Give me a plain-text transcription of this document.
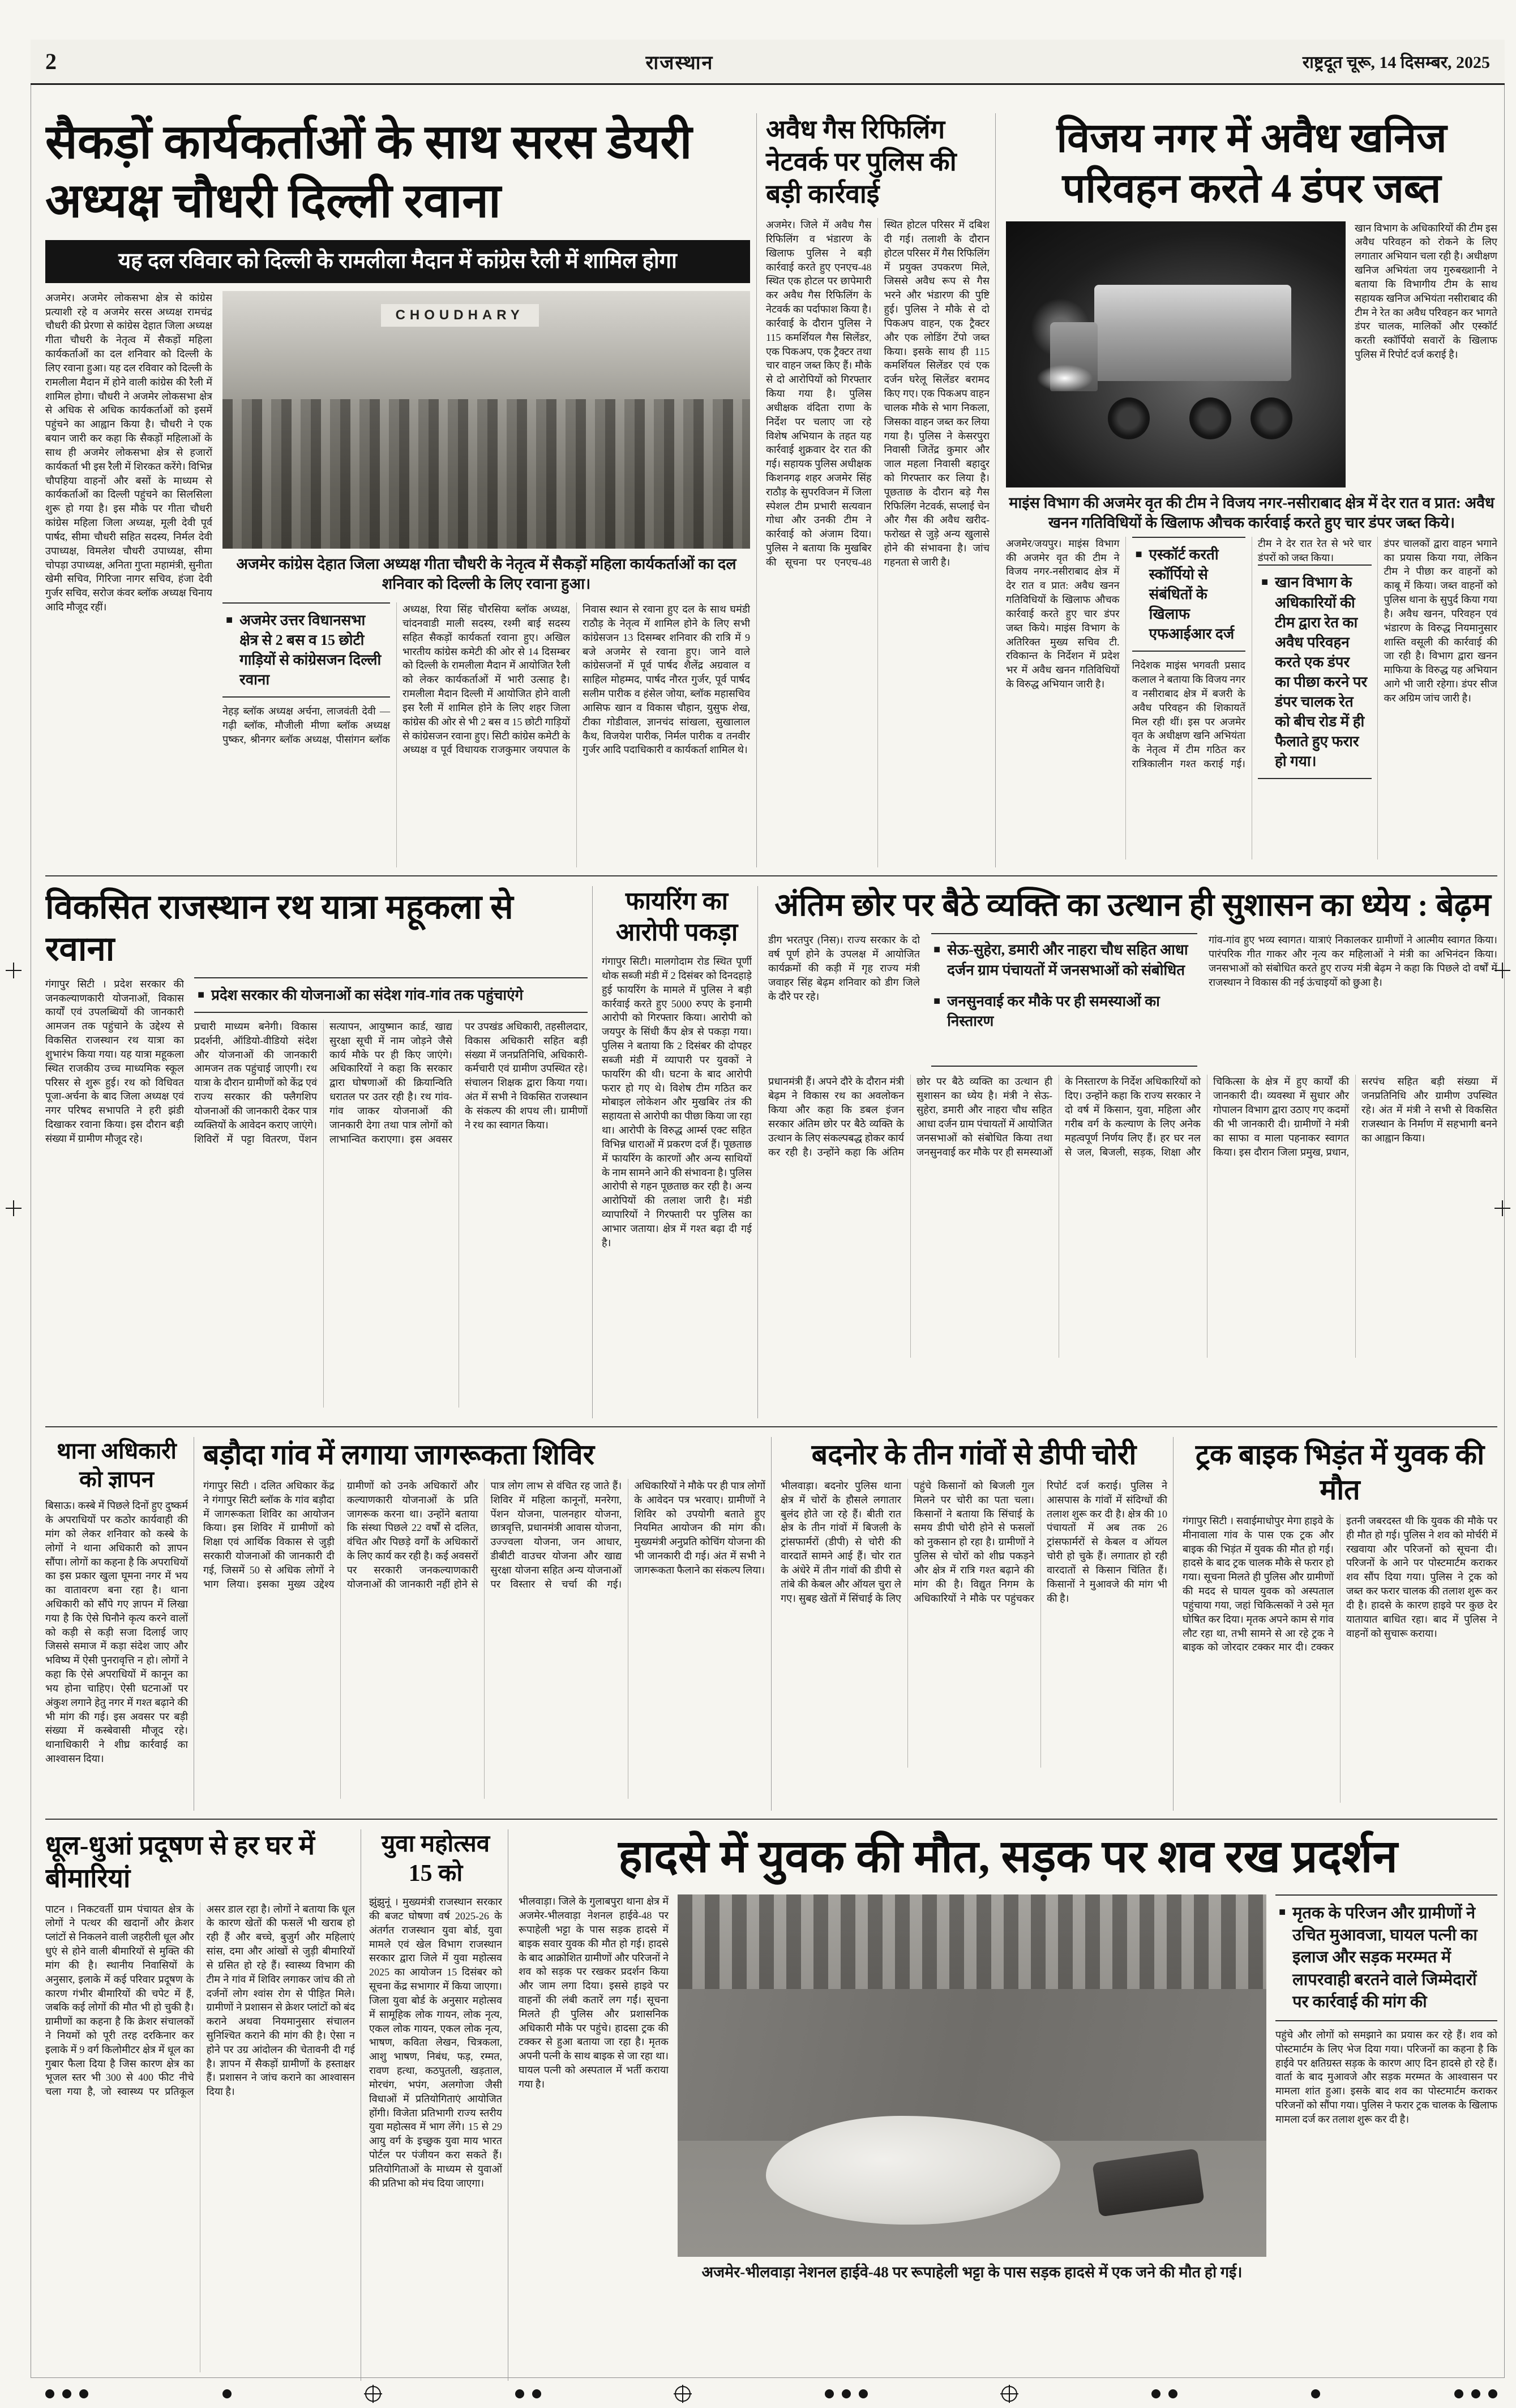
2	राजस्थान	राष्ट्रदूत चूरू, 14 दिसम्बर, 2025
सैकड़ों कार्यकर्ताओं के साथ सरस डेयरी अध्यक्ष चौधरी दिल्ली रवाना
यह दल रविवार को दिल्ली के रामलीला मैदान में कांग्रेस रैली में शामिल होगा

अजमेर। अजमेर लोकसभा क्षेत्र से कांग्रेस प्रत्याशी रहे व अजमेर सरस अध्यक्ष रामचंद्र चौधरी की प्रेरणा से कांग्रेस देहात जिला अध्यक्ष गीता चौधरी के नेतृत्व में सैकड़ों महिला कार्यकर्ताओं का दल शनिवार को दिल्ली के लिए रवाना हुआ। यह दल रविवार को दिल्ली के रामलीला मैदान में होने वाली कांग्रेस की रैली में शामिल होगा। चौधरी ने अजमेर लोकसभा क्षेत्र से अधिक से अधिक कार्यकर्ताओं को इसमें पहुंचने का आह्वान किया है। चौधरी ने एक बयान जारी कर कहा कि सैकड़ों महिलाओं के साथ ही अजमेर लोकसभा क्षेत्र से हजारों कार्यकर्ता भी इस रैली में शिरकत करेंगे। विभिन्न चौपहिया वाहनों और बसों के माध्यम से कार्यकर्ताओं का दिल्ली पहुंचने का सिलसिला शुरू हो गया है। इस मौके पर गीता चौधरी कांग्रेस महिला जिला अध्यक्ष, मूली देवी पूर्व पार्षद, सीमा चौधरी सहित सदस्य, निर्मल देवी उपाध्यक्ष, विमलेश चौधरी उपाध्यक्ष, सीमा चोपड़ा उपाध्यक्ष, अनिता गुप्ता महामंत्री, सुनीता खेमी सचिव, गिरिजा नागर सचिव, हंजा देवी गुर्जर सचिव, सरोज कंवर ब्लॉक अध्यक्ष चिनाय आदि मौजूद रहीं।

CHOUDHARY

अजमेर कांग्रेस देहात जिला अध्यक्ष गीता चौधरी के नेतृत्व में सैकड़ों महिला कार्यकर्ताओं का दल शनिवार को दिल्ली के लिए रवाना हुआ।

■ अजमेर उत्तर विधानसभा क्षेत्र से 2 बस व 15 छोटी गाड़ियों से कांग्रेसजन दिल्ली रवाना

नेहड़ ब्लॉक अध्यक्ष अर्चना, लाजवंती देवी — गढ़ी ब्लॉक, मौजीली मीणा ब्लॉक अध्यक्ष पुष्कर, श्रीनगर ब्लॉक अध्यक्ष, पीसांगन ब्लॉक अध्यक्ष, रिया सिंह चौरसिया ब्लॉक अध्यक्ष, चांदनवाडी माली सदस्य, रश्मी बाई सदस्य सहित सैकड़ों कार्यकर्ता रवाना हुए। अखिल भारतीय कांग्रेस कमेटी की ओर से 14 दिसम्बर को दिल्ली के रामलीला मैदान में आयोजित रैली को लेकर कार्यकर्ताओं में भारी उत्साह है। रामलीला मैदान दिल्ली में आयोजित होने वाली इस रैली में शामिल होने के लिए शहर जिला कांग्रेस की ओर से भी 2 बस व 15 छोटी गाड़ियों से कांग्रेसजन रवाना हुए। सिटी कांग्रेस कमेटी के अध्यक्ष व पूर्व विधायक राजकुमार जयपाल के निवास स्थान से रवाना हुए दल के साथ घमंडी राठौड़ के नेतृत्व में शामिल होने के लिए सभी कांग्रेसजन 13 दिसम्बर शनिवार की रात्रि में 9 बजे अजमेर से रवाना हुए। जाने वाले कांग्रेसजनों में पूर्व पार्षद शैलेंद्र अग्रवाल व साहिल मोहम्मद, पार्षद नौरत गुर्जर, पूर्व पार्षद सलीम पारीक व हंसेल जोया, ब्लॉक महासचिव आसिफ खान व विकास चौहान, युसुफ शेख, टीका गोडीवाल, ज्ञानचंद सांखला, सुखालाल कैथ, विजयेश पारीक, निर्मल पारीक व तनवीर गुर्जर आदि पदाधिकारी व कार्यकर्ता शामिल थे।

अवैध गैस रिफिलिंग नेटवर्क पर पुलिस की बड़ी कार्रवाई

अजमेर। जिले में अवैध गैस रिफिलिंग व भंडारण के खिलाफ पुलिस ने बड़ी कार्रवाई करते हुए एनएच-48 स्थित एक होटल पर छापेमारी कर अवैध गैस रिफिलिंग के नेटवर्क का पर्दाफाश किया है। कार्रवाई के दौरान पुलिस ने 115 कमर्शियल गैस सिलेंडर, एक पिकअप, एक ट्रैक्टर तथा चार वाहन जब्त किए हैं। मौके से दो आरोपियों को गिरफ्तार किया गया है। पुलिस अधीक्षक वंदिता राणा के निर्देश पर चलाए जा रहे विशेष अभियान के तहत यह कार्रवाई शुक्रवार देर रात की गई। सहायक पुलिस अधीक्षक किशनगढ़ शहर अजमेर सिंह राठौड़ के सुपरविजन में जिला स्पेशल टीम प्रभारी सत्यवान गोधा और उनकी टीम ने कार्रवाई को अंजाम दिया। पुलिस ने बताया कि मुखबिर की सूचना पर एनएच-48 स्थित होटल परिसर में दबिश दी गई। तलाशी के दौरान होटल परिसर में गैस रिफिलिंग में प्रयुक्त उपकरण मिले, जिससे अवैध रूप से गैस भरने और भंडारण की पुष्टि हुई। पुलिस ने मौके से दो पिकअप वाहन, एक ट्रैक्टर और एक लोडिंग टेंपो जब्त किया। इसके साथ ही 115 कमर्शियल सिलेंडर एवं एक दर्जन घरेलू सिलेंडर बरामद किए गए। एक पिकअप वाहन चालक मौके से भाग निकला, जिसका वाहन जब्त कर लिया गया है। पुलिस ने केसरपुरा निवासी जितेंद्र कुमार और जाल महला निवासी बहादुर को गिरफ्तार कर लिया है। पूछताछ के दौरान बड़े गैस रिफिलिंग नेटवर्क, सप्लाई चेन और गैस की अवैध खरीद-फरोख्त से जुड़े अन्य खुलासे होने की संभावना है। जांच गहनता से जारी है।

विजय नगर में अवैध खनिज परिवहन करते 4 डंपर जब्त

खान विभाग के अधिकारियों की टीम इस अवैध परिवहन को रोकने के लिए लगातार अभियान चला रही है। अधीक्षण खनिज अभियंता जय गुरुबख्शानी ने बताया कि विभागीय टीम के साथ सहायक खनिज अभियंता नसीराबाद की टीम ने रेत का अवैध परिवहन कर भागते डंपर चालक, मालिकों और एस्कॉर्ट करती स्कॉर्पियो सवारों के खिलाफ पुलिस में रिपोर्ट दर्ज कराई है।

माइंस विभाग की अजमेर वृत की टीम ने विजय नगर-नसीराबाद क्षेत्र में देर रात व प्रात: अवैध खनन गतिविधियों के खिलाफ औचक कार्रवाई करते हुए चार डंपर जब्त किये।

अजमेर/जयपुर। माइंस विभाग की अजमेर वृत की टीम ने विजय नगर-नसीराबाद क्षेत्र में देर रात व प्रात: अवैध खनन गतिविधियों के खिलाफ औचक कार्रवाई करते हुए चार डंपर जब्त किये। माइंस विभाग के अतिरिक्त मुख्य सचिव टी. रविकान्त के निर्देशन में प्रदेश भर में अवैध खनन गतिविधियों के विरुद्ध अभियान जारी है।

■ एस्कॉर्ट करती स्कॉर्पियो से संबंधितों के खिलाफ एफआईआर दर्ज

निदेशक माइंस भगवती प्रसाद कलाल ने बताया कि विजय नगर व नसीराबाद क्षेत्र में बजरी के अवैध परिवहन की शिकायतें मिल रही थीं। इस पर अजमेर वृत के अधीक्षण खनि अभियंता के नेतृत्व में टीम गठित कर रात्रिकालीन गश्त कराई गई। टीम ने देर रात रेत से भरे चार डंपरों को जब्त किया।

■ खान विभाग के अधिकारियों की टीम द्वारा रेत का अवैध परिवहन करते एक डंपर का पीछा करने पर डंपर चालक रेत को बीच रोड में ही फैलाते हुए फरार हो गया।

डंपर चालकों द्वारा वाहन भगाने का प्रयास किया गया, लेकिन टीम ने पीछा कर वाहनों को काबू में किया। जब्त वाहनों को पुलिस थाना के सुपुर्द किया गया है। अवैध खनन, परिवहन एवं भंडारण के विरुद्ध नियमानुसार शास्ति वसूली की कार्रवाई की जा रही है। विभाग द्वारा खनन माफिया के विरुद्ध यह अभियान आगे भी जारी रहेगा। डंपर सीज कर अग्रिम जांच जारी है।

विकसित राजस्थान रथ यात्रा महूकला से रवाना

गंगापुर सिटी । प्रदेश सरकार की जनकल्याणकारी योजनाओं, विकास कार्यों एवं उपलब्धियों की जानकारी आमजन तक पहुंचाने के उद्देश्य से विकसित राजस्थान रथ यात्रा का शुभारंभ किया गया। यह यात्रा महूकला स्थित राजकीय उच्च माध्यमिक स्कूल परिसर से शुरू हुई। रथ को विधिवत पूजा-अर्चना के बाद जिला अध्यक्ष एवं नगर परिषद सभापति ने हरी झंडी दिखाकर रवाना किया। इस दौरान बड़ी संख्या में ग्रामीण मौजूद रहे।

■ प्रदेश सरकार की योजनाओं का संदेश गांव-गांव तक पहुंचाएंगे

प्रचारी माध्यम बनेगी। विकास प्रदर्शनी, ऑडियो-वीडियो संदेश और योजनाओं की जानकारी आमजन तक पहुंचाई जाएगी। रथ यात्रा के दौरान ग्रामीणों को केंद्र एवं राज्य सरकार की फ्लैगशिप योजनाओं की जानकारी देकर पात्र व्यक्तियों के आवेदन कराए जाएंगे। शिविरों में पट्टा वितरण, पेंशन सत्यापन, आयुष्मान कार्ड, खाद्य सुरक्षा सूची में नाम जोड़ने जैसे कार्य मौके पर ही किए जाएंगे। अधिकारियों ने कहा कि सरकार द्वारा घोषणाओं की क्रियान्विति धरातल पर उतर रही है। रथ गांव-गांव जाकर योजनाओं की जानकारी देगा तथा पात्र लोगों को लाभान्वित कराएगा। इस अवसर पर उपखंड अधिकारी, तहसीलदार, विकास अधिकारी सहित बड़ी संख्या में जनप्रतिनिधि, अधिकारी-कर्मचारी एवं ग्रामीण उपस्थित रहे। संचालन शिक्षक द्वारा किया गया। अंत में सभी ने विकसित राजस्थान के संकल्प की शपथ ली। ग्रामीणों ने रथ का स्वागत किया।

फायरिंग का आरोपी पकड़ा

गंगापुर सिटी। मालगोदाम रोड स्थित पूर्णी थोक सब्जी मंडी में 2 दिसंबर को दिनदहाड़े हुई फायरिंग के मामले में पुलिस ने बड़ी कार्रवाई करते हुए 5000 रुपए के इनामी आरोपी को गिरफ्तार किया। आरोपी को जयपुर के सिंधी कैंप क्षेत्र से पकड़ा गया। पुलिस ने बताया कि 2 दिसंबर की दोपहर सब्जी मंडी में व्यापारी पर युवकों ने फायरिंग की थी। घटना के बाद आरोपी फरार हो गए थे। विशेष टीम गठित कर मोबाइल लोकेशन और मुखबिर तंत्र की सहायता से आरोपी का पीछा किया जा रहा था। आरोपी के विरुद्ध आर्म्स एक्ट सहित विभिन्न धाराओं में प्रकरण दर्ज हैं। पूछताछ में फायरिंग के कारणों और अन्य साथियों के नाम सामने आने की संभावना है। पुलिस आरोपी से गहन पूछताछ कर रही है। अन्य आरोपियों की तलाश जारी है। मंडी व्यापारियों ने गिरफ्तारी पर पुलिस का आभार जताया। क्षेत्र में गश्त बढ़ा दी गई है।

अंतिम छोर पर बैठे व्यक्ति का उत्थान ही सुशासन का ध्येय : बेढ़म

डीग भरतपुर (निस)। राज्य सरकार के दो वर्ष पूर्ण होने के उपलक्ष में आयोजित कार्यक्रमों की कड़ी में गृह राज्य मंत्री जवाहर सिंह बेढ़म शनिवार को डीग जिले के दौरे पर रहे।

■ सेऊ-सुहेरा, डमारी और नाहरा चौध सहित आधा दर्जन ग्राम पंचायतों में जनसभाओं को संबोधित
■ जनसुनवाई कर मौके पर ही समस्याओं का निस्तारण

गांव-गांव हुए भव्य स्वागत। यात्राएं निकालकर ग्रामीणों ने आत्मीय स्वागत किया। पारंपरिक गीत गाकर और नृत्य कर महिलाओं ने मंत्री का अभिनंदन किया। जनसभाओं को संबोधित करते हुए राज्य मंत्री बेढ़म ने कहा कि पिछले दो वर्षों में राजस्थान ने विकास की नई ऊंचाइयों को छुआ है।

प्रधानमंत्री हैं। अपने दौरे के दौरान मंत्री बेढ़म ने विकास रथ का अवलोकन किया और कहा कि डबल इंजन सरकार अंतिम छोर पर बैठे व्यक्ति के उत्थान के लिए संकल्पबद्ध होकर कार्य कर रही है। उन्होंने कहा कि अंतिम छोर पर बैठे व्यक्ति का उत्थान ही सुशासन का ध्येय है। मंत्री ने सेऊ-सुहेरा, डमारी और नाहरा चौध सहित आधा दर्जन ग्राम पंचायतों में आयोजित जनसभाओं को संबोधित किया तथा जनसुनवाई कर मौके पर ही समस्याओं के निस्तारण के निर्देश अधिकारियों को दिए। उन्होंने कहा कि राज्य सरकार ने दो वर्ष में किसान, युवा, महिला और गरीब वर्ग के कल्याण के लिए अनेक महत्वपूर्ण निर्णय लिए हैं। हर घर नल से जल, बिजली, सड़क, शिक्षा और चिकित्सा के क्षेत्र में हुए कार्यों की जानकारी दी। व्यवस्था में सुधार और गोपालन विभाग द्वारा उठाए गए कदमों की भी जानकारी दी। ग्रामीणों ने मंत्री का साफा व माला पहनाकर स्वागत किया। इस दौरान जिला प्रमुख, प्रधान, सरपंच सहित बड़ी संख्या में जनप्रतिनिधि और ग्रामीण उपस्थित रहे। अंत में मंत्री ने सभी से विकसित राजस्थान के निर्माण में सहभागी बनने का आह्वान किया।

थाना अधिकारी को ज्ञापन

बिसाऊ। कस्बे में पिछले दिनों हुए दुष्कर्म के अपराधियों पर कठोर कार्यवाही की मांग को लेकर शनिवार को कस्बे के लोगों ने थाना अधिकारी को ज्ञापन सौंपा। लोगों का कहना है कि अपराधियों का इस प्रकार खुला घूमना नगर में भय का वातावरण बना रहा है। थाना अधिकारी को सौंपे गए ज्ञापन में लिखा गया है कि ऐसे घिनौने कृत्य करने वालों को कड़ी से कड़ी सजा दिलाई जाए जिससे समाज में कड़ा संदेश जाए और भविष्य में ऐसी पुनरावृत्ति न हो। लोगों ने कहा कि ऐसे अपराधियों में कानून का भय होना चाहिए। ऐसी घटनाओं पर अंकुश लगाने हेतु नगर में गश्त बढ़ाने की भी मांग की गई। इस अवसर पर बड़ी संख्या में कस्बेवासी मौजूद रहे। थानाधिकारी ने शीघ्र कार्रवाई का आश्वासन दिया।

बड़ौदा गांव में लगाया जागरूकता शिविर

गंगापुर सिटी । दलित अधिकार केंद्र ने गंगापुर सिटी ब्लॉक के गांव बड़ौदा में जागरूकता शिविर का आयोजन किया। इस शिविर में ग्रामीणों को शिक्षा एवं आर्थिक विकास से जुड़ी सरकारी योजनाओं की जानकारी दी गई, जिसमें 50 से अधिक लोगों ने भाग लिया। इसका मुख्य उद्देश्य ग्रामीणों को उनके अधिकारों और कल्याणकारी योजनाओं के प्रति जागरूक करना था। उन्होंने बताया कि संस्था पिछले 22 वर्षों से दलित, वंचित और पिछड़े वर्गों के अधिकारों के लिए कार्य कर रही है। कई अवसरों पर सरकारी जनकल्याणकारी योजनाओं की जानकारी नहीं होने से पात्र लोग लाभ से वंचित रह जाते हैं। शिविर में महिला कानूनों, मनरेगा, पेंशन योजना, पालनहार योजना, छात्रवृत्ति, प्रधानमंत्री आवास योजना, उज्ज्वला योजना, जन आधार, डीबीटी वाउचर योजना और खाद्य सुरक्षा योजना सहित अन्य योजनाओं पर विस्तार से चर्चा की गई। अधिकारियों ने मौके पर ही पात्र लोगों के आवेदन पत्र भरवाए। ग्रामीणों ने शिविर को उपयोगी बताते हुए नियमित आयोजन की मांग की। मुख्यमंत्री अनुप्रति कोचिंग योजना की भी जानकारी दी गई। अंत में सभी ने जागरूकता फैलाने का संकल्प लिया।

बदनोर के तीन गांवों से डीपी चोरी

भीलवाड़ा। बदनोर पुलिस थाना क्षेत्र में चोरों के हौसले लगातार बुलंद होते जा रहे हैं। बीती रात क्षेत्र के तीन गांवों में बिजली के ट्रांसफार्मरों (डीपी) से चोरी की वारदातें सामने आई हैं। चोर रात के अंधेरे में तीन गांवों की डीपी से तांबे की केबल और ऑयल चुरा ले गए। सुबह खेतों में सिंचाई के लिए पहुंचे किसानों को बिजली गुल मिलने पर चोरी का पता चला। किसानों ने बताया कि सिंचाई के समय डीपी चोरी होने से फसलों को नुकसान हो रहा है। ग्रामीणों ने पुलिस से चोरों को शीघ्र पकड़ने और क्षेत्र में रात्रि गश्त बढ़ाने की मांग की है। विद्युत निगम के अधिकारियों ने मौके पर पहुंचकर रिपोर्ट दर्ज कराई। पुलिस ने आसपास के गांवों में संदिग्धों की तलाश शुरू कर दी है। क्षेत्र की 10 पंचायतों में अब तक 26 ट्रांसफार्मरों से केबल व ऑयल चोरी हो चुके हैं। लगातार हो रही वारदातों से किसान चिंतित हैं। किसानों ने मुआवजे की मांग भी की है।

ट्रक बाइक भिड़ंत में युवक की मौत

गंगापुर सिटी । सवाईमाधोपुर मेगा हाइवे के मीनावाला गांव के पास एक ट्रक और बाइक की भिड़ंत में युवक की मौत हो गई। हादसे के बाद ट्रक चालक मौके से फरार हो गया। सूचना मिलते ही पुलिस और ग्रामीणों की मदद से घायल युवक को अस्पताल पहुंचाया गया, जहां चिकित्सकों ने उसे मृत घोषित कर दिया। मृतक अपने काम से गांव लौट रहा था, तभी सामने से आ रहे ट्रक ने बाइक को जोरदार टक्कर मार दी। टक्कर इतनी जबरदस्त थी कि युवक की मौके पर ही मौत हो गई। पुलिस ने शव को मोर्चरी में रखवाया और परिजनों को सूचना दी। परिजनों के आने पर पोस्टमार्टम कराकर शव सौंप दिया गया। पुलिस ने ट्रक को जब्त कर फरार चालक की तलाश शुरू कर दी है। हादसे के कारण हाइवे पर कुछ देर यातायात बाधित रहा। बाद में पुलिस ने वाहनों को सुचारू कराया।

धूल-धुआं प्रदूषण से हर घर में बीमारियां

पाटन । निकटवर्ती ग्राम पंचायत क्षेत्र के लोगों ने पत्थर की खदानों और क्रेशर प्लांटों से निकलने वाली जहरीली धूल और धुएं से होने वाली बीमारियों से मुक्ति की मांग की है। स्थानीय निवासियों के अनुसार, इलाके में कई परिवार प्रदूषण के कारण गंभीर बीमारियों की चपेट में हैं, जबकि कई लोगों की मौत भी हो चुकी है। ग्रामीणों का कहना है कि क्रेशर संचालकों ने नियमों को पूरी तरह दरकिनार कर इलाके में 9 वर्ग किलोमीटर क्षेत्र में धूल का गुबार फैला दिया है जिस कारण क्षेत्र का भूजल स्तर भी 300 से 400 फीट नीचे चला गया है, जो स्वास्थ्य पर प्रतिकूल असर डाल रहा है। लोगों ने बताया कि धूल के कारण खेतों की फसलें भी खराब हो रही हैं और बच्चे, बुजुर्ग और महिलाएं सांस, दमा और आंखों से जुड़ी बीमारियों से ग्रसित हो रहे हैं। स्वास्थ्य विभाग की टीम ने गांव में शिविर लगाकर जांच की तो दर्जनों लोग श्वांस रोग से पीड़ित मिले। ग्रामीणों ने प्रशासन से क्रेशर प्लांटों को बंद कराने अथवा नियमानुसार संचालन सुनिश्चित कराने की मांग की है। ऐसा न होने पर उग्र आंदोलन की चेतावनी दी गई है। ज्ञापन में सैकड़ों ग्रामीणों के हस्ताक्षर हैं। प्रशासन ने जांच कराने का आश्वासन दिया है।

युवा महोत्सव 15 को

झुंझुनूं । मुख्यमंत्री राजस्थान सरकार की बजट घोषणा वर्ष 2025-26 के अंतर्गत राजस्थान युवा बोर्ड, युवा मामले एवं खेल विभाग राजस्थान सरकार द्वारा जिले में युवा महोत्सव 2025 का आयोजन 15 दिसंबर को सूचना केंद्र सभागार में किया जाएगा। जिला युवा बोर्ड के अनुसार महोत्सव में सामूहिक लोक गायन, लोक नृत्य, एकल लोक गायन, एकल लोक नृत्य, भाषण, कविता लेखन, चित्रकला, आशु भाषण, निबंध, फड़, रम्मत, रावण हत्था, कठपुतली, खड़ताल, मोरचंग, भपंग, अलगोजा जैसी विधाओं में प्रतियोगिताएं आयोजित होंगी। विजेता प्रतिभागी राज्य स्तरीय युवा महोत्सव में भाग लेंगे। 15 से 29 आयु वर्ग के इच्छुक युवा माय भारत पोर्टल पर पंजीयन करा सकते हैं। प्रतियोगिताओं के माध्यम से युवाओं की प्रतिभा को मंच दिया जाएगा।

हादसे में युवक की मौत, सड़क पर शव रख प्रदर्शन

भीलवाड़ा। जिले के गुलाबपुरा थाना क्षेत्र में अजमेर-भीलवाड़ा नेशनल हाईवे-48 पर रूपाहेली भट्टा के पास सड़क हादसे में बाइक सवार युवक की मौत हो गई। हादसे के बाद आक्रोशित ग्रामीणों और परिजनों ने शव को सड़क पर रखकर प्रदर्शन किया और जाम लगा दिया। इससे हाइवे पर वाहनों की लंबी कतारें लग गईं। सूचना मिलते ही पुलिस और प्रशासनिक अधिकारी मौके पर पहुंचे। हादसा ट्रक की टक्कर से हुआ बताया जा रहा है। मृतक अपनी पत्नी के साथ बाइक से जा रहा था। घायल पत्नी को अस्पताल में भर्ती कराया गया है।

अजमेर-भीलवाड़ा नेशनल हाईवे-48 पर रूपाहेली भट्टा के पास सड़क हादसे में एक जने की मौत हो गई।

■ मृतक के परिजन और ग्रामीणों ने उचित मुआवजा, घायल पत्नी का इलाज और सड़क मरम्मत में लापरवाही बरतने वाले जिम्मेदारों पर कार्रवाई की मांग की

पहुंचे और लोगों को समझाने का प्रयास कर रहे हैं। शव को पोस्टमार्टम के लिए भेज दिया गया। परिजनों का कहना है कि हाईवे पर क्षतिग्रस्त सड़क के कारण आए दिन हादसे हो रहे हैं। वार्ता के बाद मुआवजे और सड़क मरम्मत के आश्वासन पर मामला शांत हुआ। इसके बाद शव का पोस्टमार्टम कराकर परिजनों को सौंपा गया। पुलिस ने फरार ट्रक चालक के खिलाफ मामला दर्ज कर तलाश शुरू कर दी है।
